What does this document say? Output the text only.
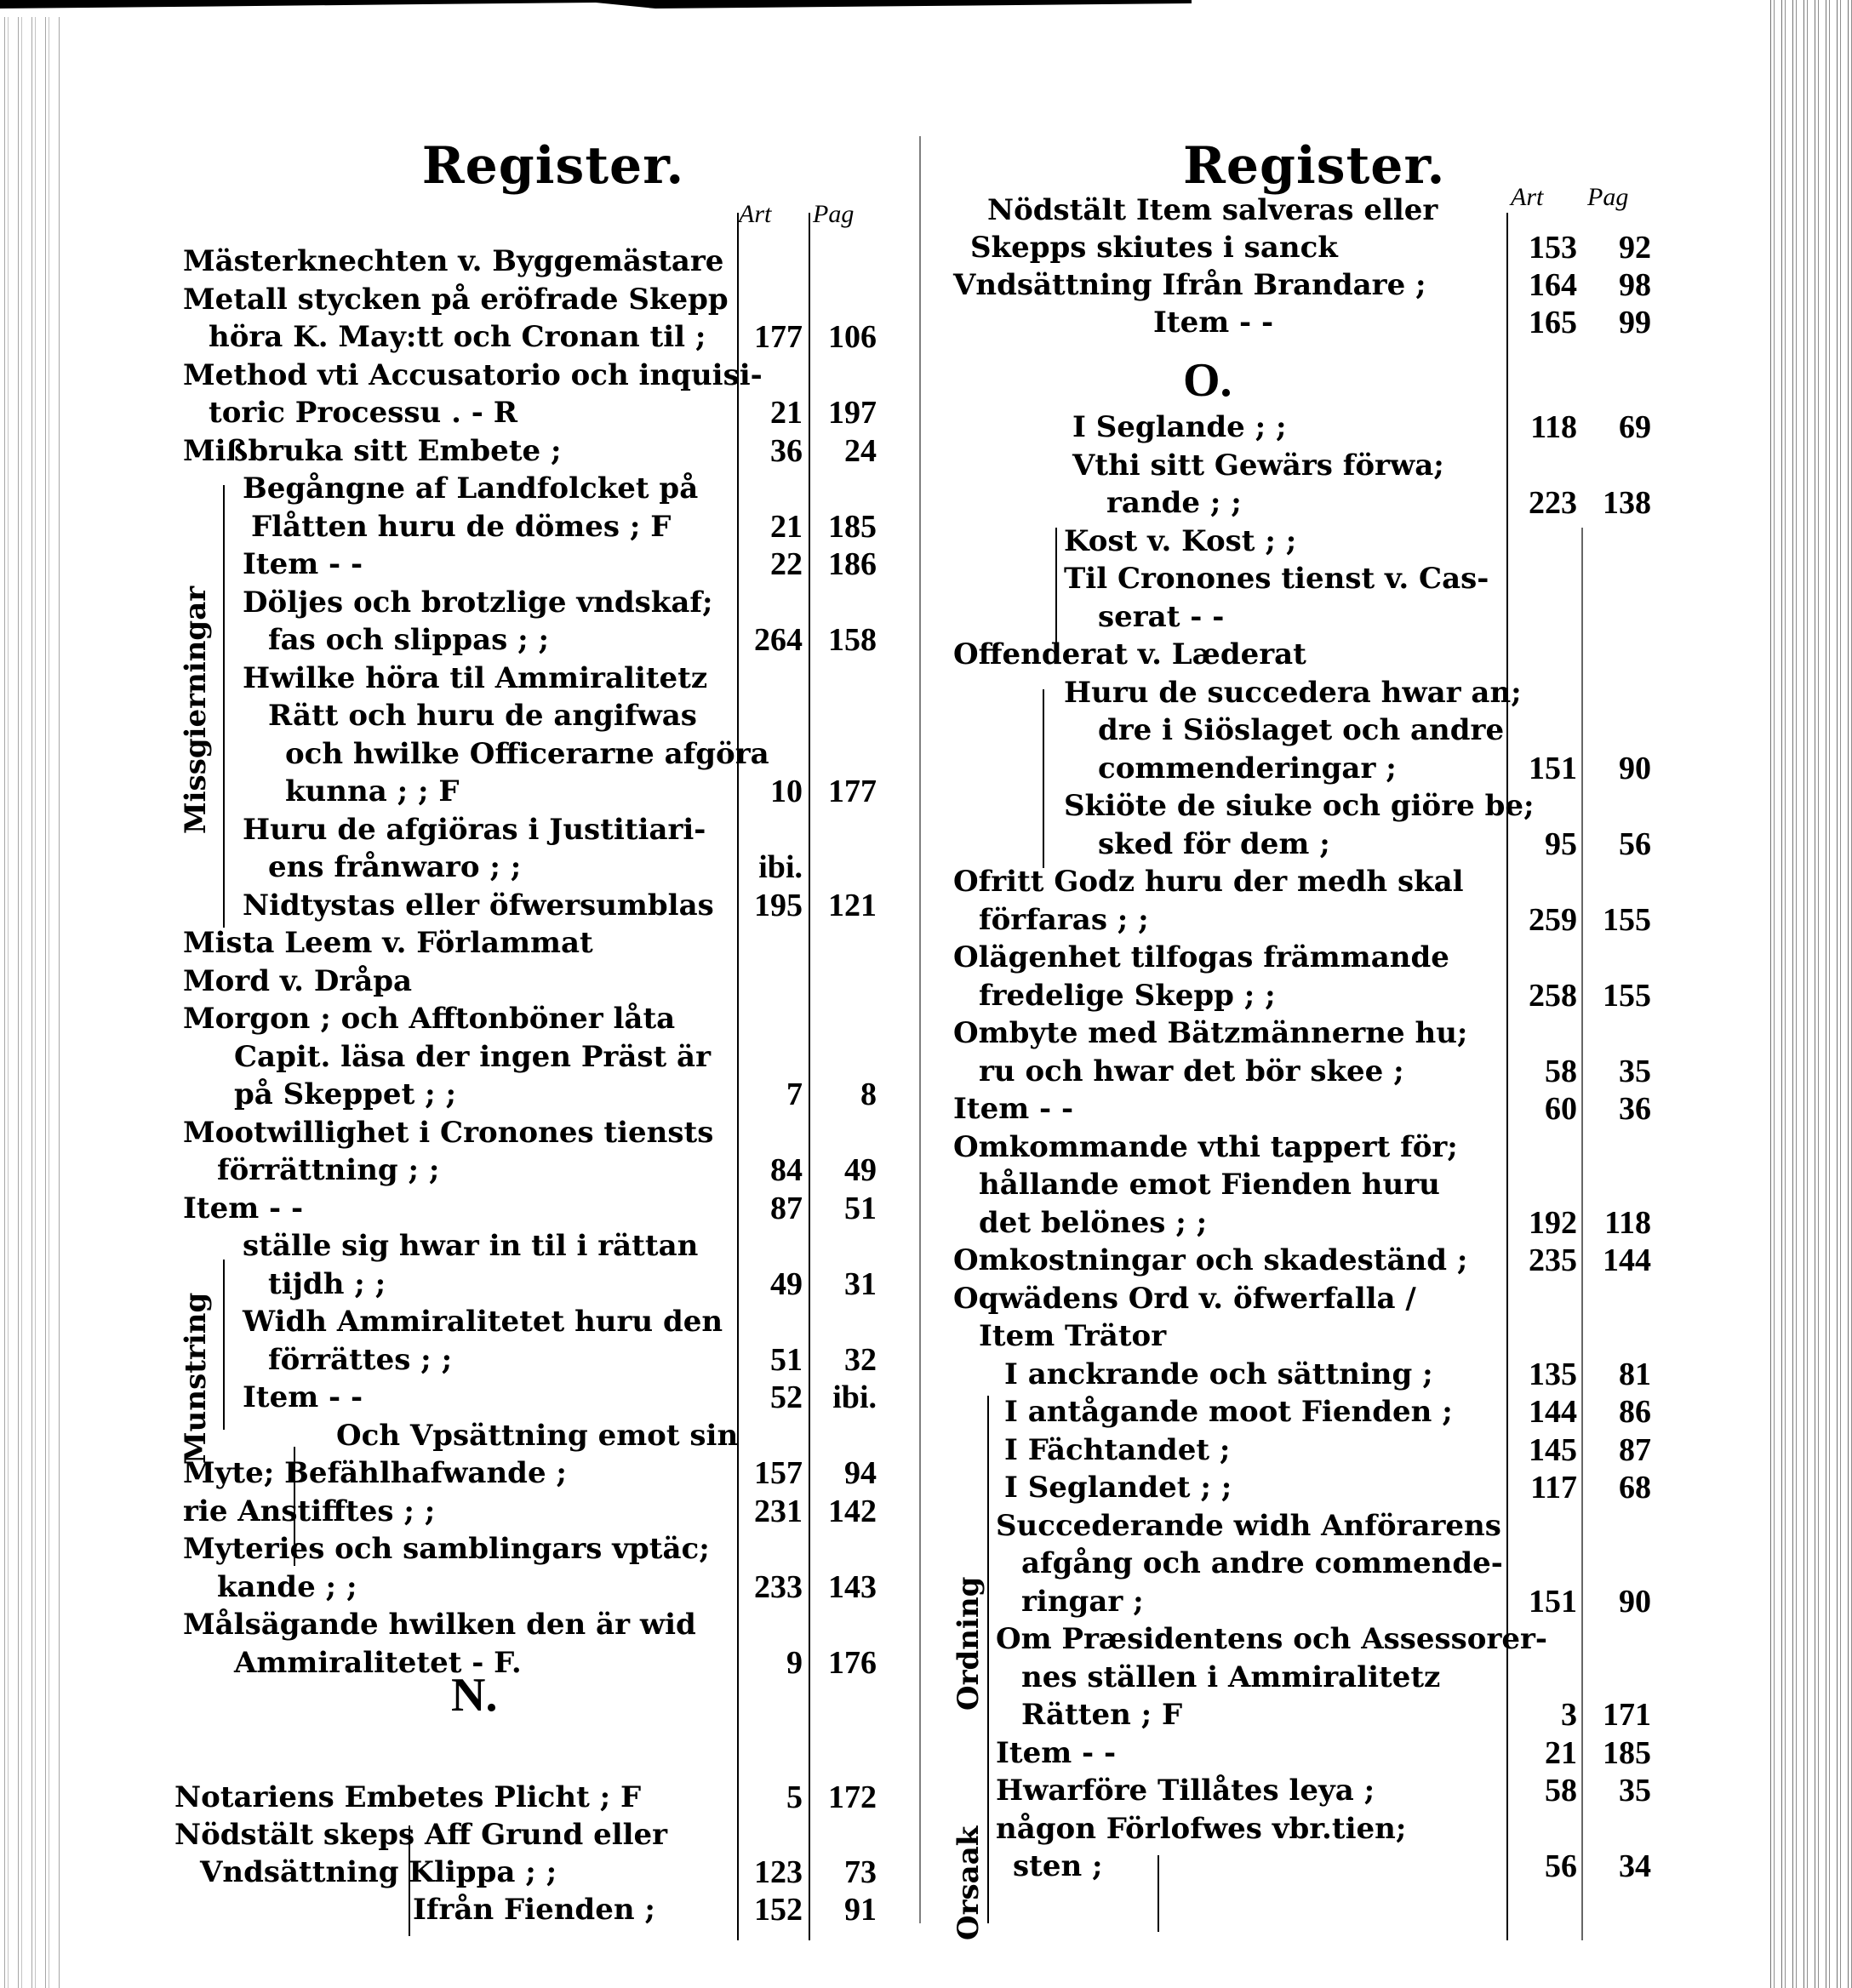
Register.
Art Pag
Missgierningar
Munstring
Mästerknechten v. Byggemästare
Metall stycken på eröfrade Skepp
höra K. May:tt och Cronan til ;	177 106
Method vti Accusatorio och inquisi-
toric Processu . - R	21 197
Mißbruka sitt Embete ;	36	24
Begångne af Landfolcket på
Flåtten huru de dömes ; F	21 185
Item - -	22 186
Döljes och brotzlige vndskaf;
fas och slippas ; ;	264 158
Hwilke höra til Ammiralitetz
Rätt och huru de angifwas
och hwilke Officerarne afgöra
kunna ; ; F	10 177
Huru de afgiöras i Justitiari-
ens frånwaro ; ;	ibi.
Nidtystas eller öfwersumblas	195 121
Mista Leem v. Förlammat
Mord v. Dråpa
Morgon ; och Afftonböner låta
Capit. läsa der ingen Präst är
på Skeppet ; ;	7	8
Mootwillighet i Cronones tiensts
förrättning ; ;	84	49
Item - -	87	51
ställe sig hwar in til i rättan
tijdh ; ;	49	31
Widh Ammiralitetet huru den
förrättes ; ;	51	32
Item - -	52 ibi.
Och Vpsättning emot sin
Myte; Befählhafwande ;	157	94
rie Anstifftes ; ;	231 142
Myteries och samblingars vptäc;
kande ; ;	233 143
Målsägande hwilken den är wid
Ammiralitetet - F.	9 176
N.
Notariens Embetes Plicht ; F	5 172
Nödstält skeps Aff Grund eller
Vndsättning Klippa ; ;	123	73
Ifrån Fienden ;	152	91
Register.
Art Pag
O.
Ordning
Orsaak
Nödstält Item salveras eller
Skepps skiutes i sanck	153	92
Vndsättning Ifrån Brandare ;	164	98
Item - -	165	99
I Seglande ; ;	118	69
Vthi sitt Gewärs förwa;
rande ; ;	223 138
Kost v. Kost ; ;
Til Cronones tienst v. Cas-
serat - -
Offenderat v. Læderat
Huru de succedera hwar an;
dre i Siöslaget och andre
commenderingar ;	151	90
Skiöte de siuke och giöre be;
sked för dem ;	95	56
Ofritt Godz huru der medh skal
förfaras ; ;	259 155
Olägenhet tilfogas främmande
fredelige Skepp ; ;	258 155
Ombyte med Bätzmännerne hu;
ru och hwar det bör skee ;	58	35
Item - -	60	36
Omkommande vthi tappert för;
hållande emot Fienden huru
det belönes ; ;	192 118
Omkostningar och skadeständ ;	235 144
Oqwädens Ord v. öfwerfalla /
Item Trätor
I anckrande och sättning ;	135	81
I antågande moot Fienden ;	144	86
I Fächtandet ;	145	87
I Seglandet ; ;	117	68
Succederande widh Anförarens
afgång och andre commende-
ringar ;	151	90
Om Præsidentens och Assessorer-
nes ställen i Ammiralitetz
Rätten ; F	3 171
Item - -	21 185
Hwarföre Tillåtes leya ;	58	35
någon Förlofwes vbr.tien;
sten ;	56	34
